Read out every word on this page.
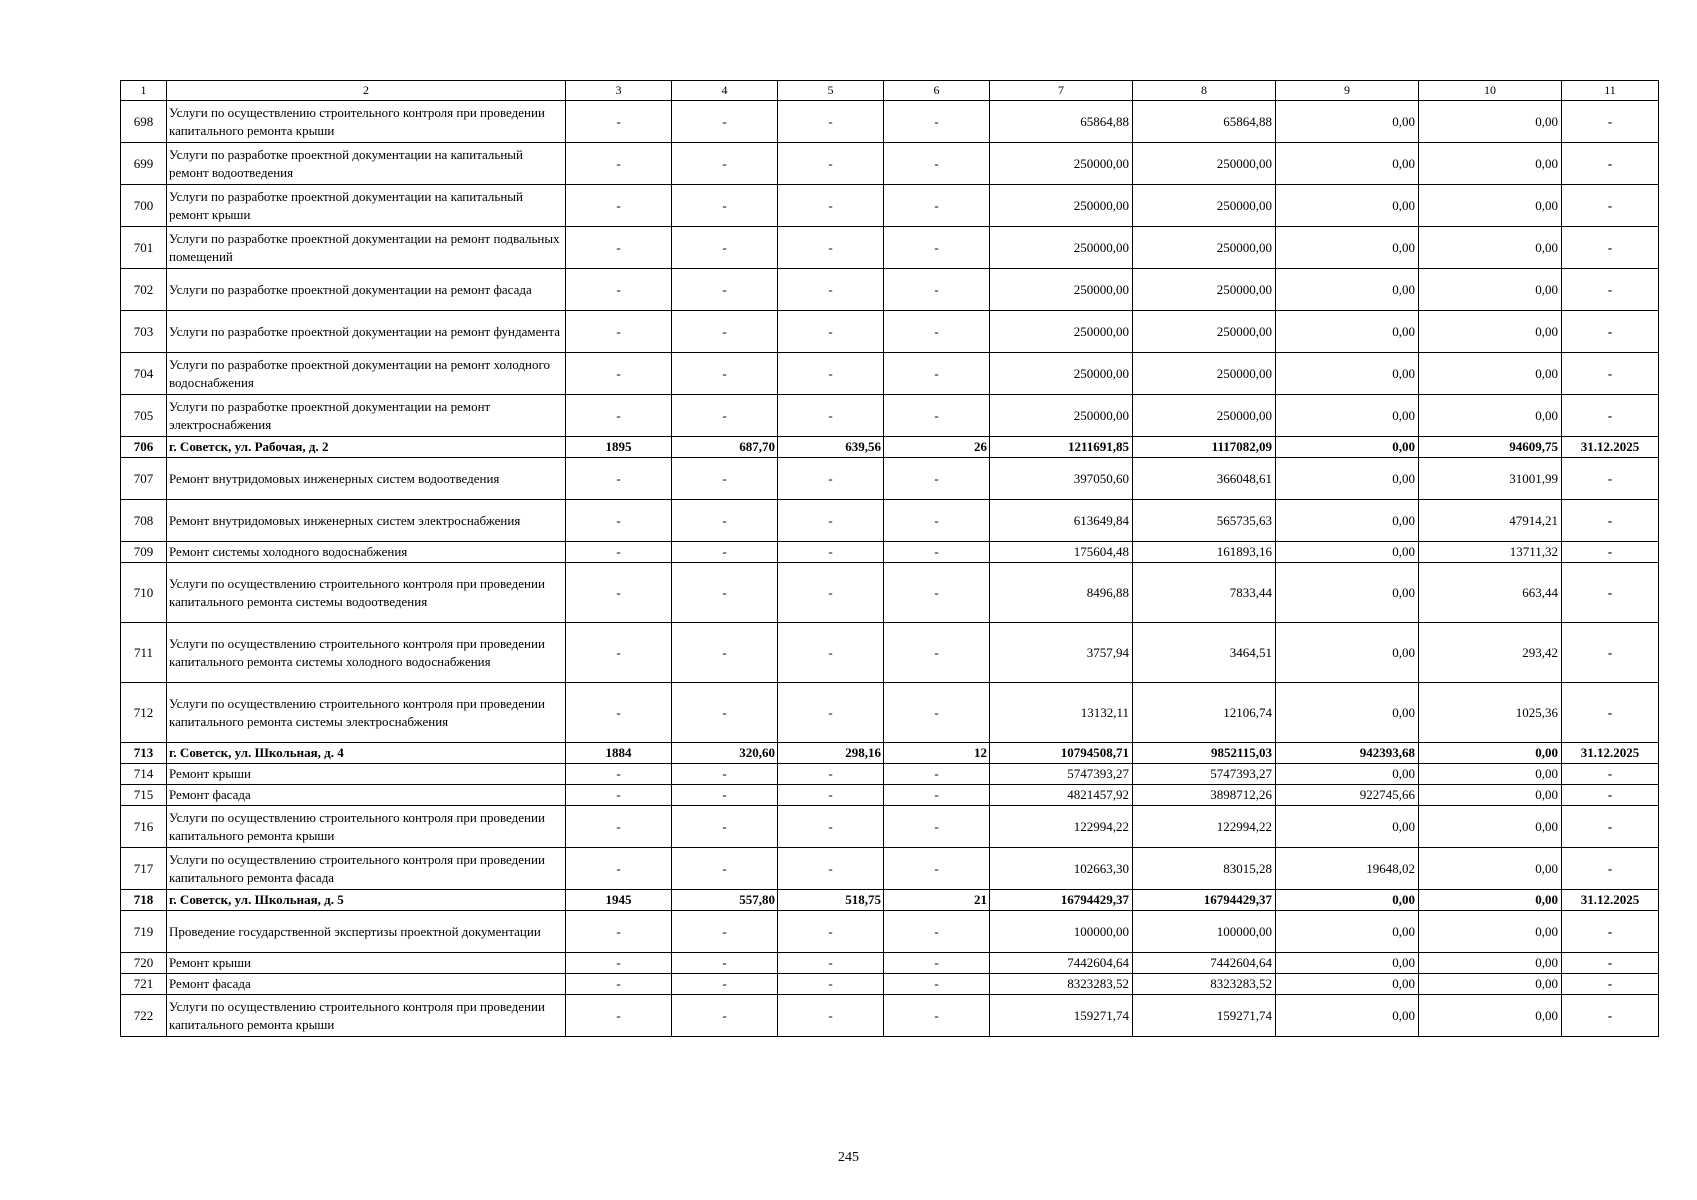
1	2	3	4	5	6	7	8	9	10	11
698	Услуги по осуществлению строительного контроля при проведении капитального ремонта крыши	-	-	-	-	65864,88	65864,88	0,00	0,00	-
699	Услуги по разработке проектной документации на капитальный ремонт водоотведения	-	-	-	-	250000,00	250000,00	0,00	0,00	-
700	Услуги по разработке проектной документации на капитальный ремонт крыши	-	-	-	-	250000,00	250000,00	0,00	0,00	-
701	Услуги по разработке проектной документации на ремонт подвальных помещений	-	-	-	-	250000,00	250000,00	0,00	0,00	-
702	Услуги по разработке проектной документации на ремонт фасада	-	-	-	-	250000,00	250000,00	0,00	0,00	-
703	Услуги по разработке проектной документации на ремонт фундамента	-	-	-	-	250000,00	250000,00	0,00	0,00	-
704	Услуги по разработке проектной документации на ремонт холодного водоснабжения	-	-	-	-	250000,00	250000,00	0,00	0,00	-
705	Услуги по разработке проектной документации на ремонт электроснабжения	-	-	-	-	250000,00	250000,00	0,00	0,00	-
706	г. Советск, ул. Рабочая, д. 2	1895	687,70	639,56	26	1211691,85	1117082,09	0,00	94609,75	31.12.2025
707	Ремонт внутридомовых инженерных систем водоотведения	-	-	-	-	397050,60	366048,61	0,00	31001,99	-
708	Ремонт внутридомовых инженерных систем электроснабжения	-	-	-	-	613649,84	565735,63	0,00	47914,21	-
709	Ремонт системы холодного водоснабжения	-	-	-	-	175604,48	161893,16	0,00	13711,32	-
710	Услуги по осуществлению строительного контроля при проведении капитального ремонта системы водоотведения	-	-	-	-	8496,88	7833,44	0,00	663,44	-
711	Услуги по осуществлению строительного контроля при проведении капитального ремонта системы холодного водоснабжения	-	-	-	-	3757,94	3464,51	0,00	293,42	-
712	Услуги по осуществлению строительного контроля при проведении капитального ремонта системы электроснабжения	-	-	-	-	13132,11	12106,74	0,00	1025,36	-
713	г. Советск, ул. Школьная, д. 4	1884	320,60	298,16	12	10794508,71	9852115,03	942393,68	0,00	31.12.2025
714	Ремонт крыши	-	-	-	-	5747393,27	5747393,27	0,00	0,00	-
715	Ремонт фасада	-	-	-	-	4821457,92	3898712,26	922745,66	0,00	-
716	Услуги по осуществлению строительного контроля при проведении капитального ремонта крыши	-	-	-	-	122994,22	122994,22	0,00	0,00	-
717	Услуги по осуществлению строительного контроля при проведении капитального ремонта фасада	-	-	-	-	102663,30	83015,28	19648,02	0,00	-
718	г. Советск, ул. Школьная, д. 5	1945	557,80	518,75	21	16794429,37	16794429,37	0,00	0,00	31.12.2025
719	Проведение государственной экспертизы проектной документации	-	-	-	-	100000,00	100000,00	0,00	0,00	-
720	Ремонт крыши	-	-	-	-	7442604,64	7442604,64	0,00	0,00	-
721	Ремонт фасада	-	-	-	-	8323283,52	8323283,52	0,00	0,00	-
722	Услуги по осуществлению строительного контроля при проведении капитального ремонта крыши	-	-	-	-	159271,74	159271,74	0,00	0,00	-
245
